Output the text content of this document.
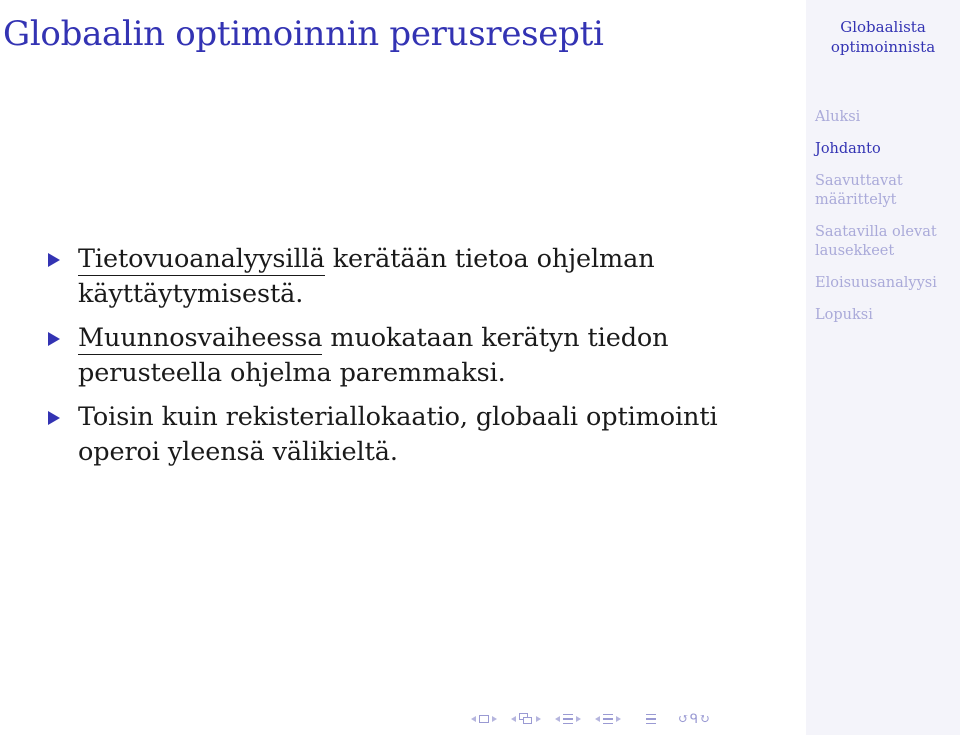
Globaalin optimoinnin perusresepti
Tietovuoanalyysillä kerätään tietoa ohjelman
käyttäytymisestä.
Muunnosvaiheessa muokataan kerätyn tiedon
perusteella ohjelma paremmaksi.
Toisin kuin rekisteriallokaatio, globaali optimointi
operoi yleensä välikieltä.
↺ᑫ↻
Globaalista
optimoinnista
Aluksi
Johdanto
Saavuttavat
määrittelyt
Saatavilla olevat
lausekkeet
Eloisuusanalyysi
Lopuksi
